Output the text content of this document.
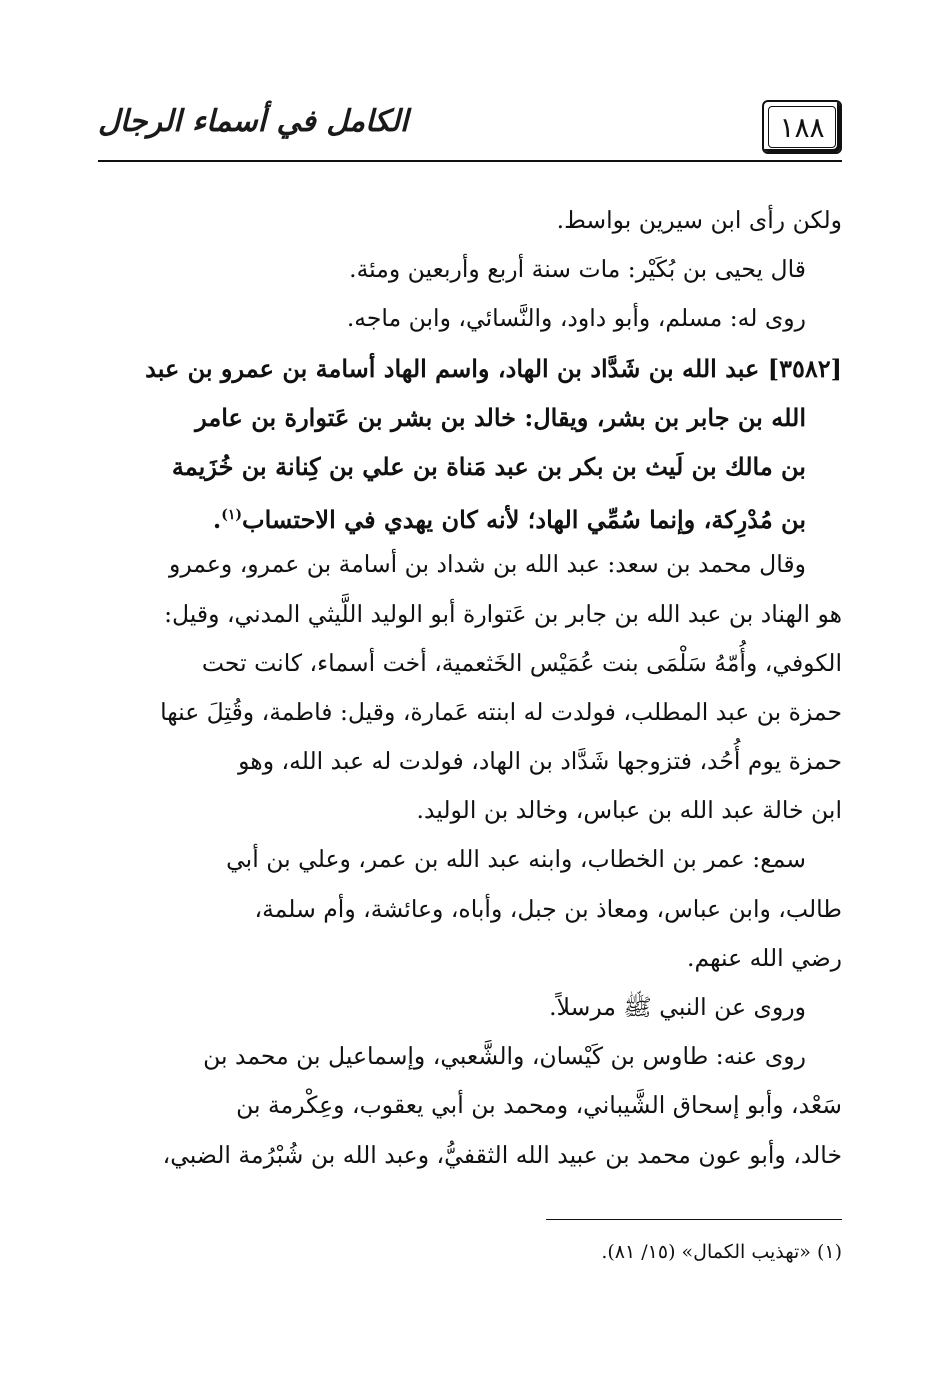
الكامل في أسماء الرجال	١٨٨
ولكن رأى ابن سيرين بواسط.
قال يحيى بن بُكَيْر: مات سنة أربع وأربعين ومئة.
روى له: مسلم، وأبو داود، والنَّسائي، وابن ماجه.
[٣٥٨٢] عبد الله بن شَدَّاد بن الهاد، واسم الهاد أسامة بن عمرو بن عبد
الله بن جابر بن بشر، ويقال: خالد بن بشر بن عَتوارة بن عامر
بن مالك بن لَيث بن بكر بن عبد مَناة بن علي بن كِنانة بن خُزَيمة
بن مُدْرِكة، وإنما سُمِّي الهاد؛ لأنه كان يهدي في الاحتساب$^{(١)}$.
وقال محمد بن سعد: عبد الله بن شداد بن أسامة بن عمرو، وعمرو
هو الهناد بن عبد الله بن جابر بن عَتوارة أبو الوليد اللَّيثي المدني، وقيل:
الكوفي، وأُمّهُ سَلْمَى بنت عُمَيْس الخَثعمية، أخت أسماء، كانت تحت
حمزة بن عبد المطلب، فولدت له ابنته عَمارة، وقيل: فاطمة، وقُتِلَ عنها
حمزة يوم أُحُد، فتزوجها شَدَّاد بن الهاد، فولدت له عبد الله، وهو
ابن خالة عبد الله بن عباس، وخالد بن الوليد.
سمع: عمر بن الخطاب، وابنه عبد الله بن عمر، وعلي بن أبي
طالب، وابن عباس، ومعاذ بن جبل، وأباه، وعائشة، وأم سلمة،
رضي الله عنهم.
وروى عن النبي ﷺ مرسلاً.
روى عنه: طاوس بن كَيْسان، والشَّعبي، وإسماعيل بن محمد بن
سَعْد، وأبو إسحاق الشَّيباني، ومحمد بن أبي يعقوب، وعِكْرمة بن
خالد، وأبو عون محمد بن عبيد الله الثقفيُّ، وعبد الله بن شُبْرُمة الضبي،
(١) «تهذيب الكمال» (١٥/ ٨١).
